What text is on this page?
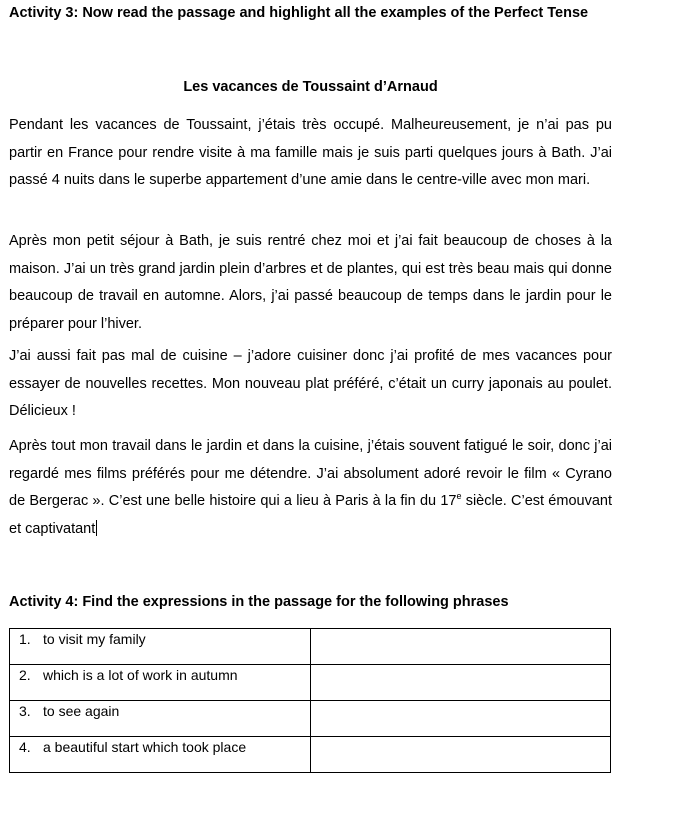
Activity 3: Now read the passage and highlight all the examples of the Perfect Tense

Les vacances de Toussaint d’Arnaud

Pendant les vacances de Toussaint, j’étais très occupé. Malheureusement, je n’ai pas pu partir en France pour rendre visite à ma famille mais je suis parti quelques jours à Bath. J’ai passé 4 nuits dans le superbe appartement d’une amie dans le centre-ville avec mon mari.

Après mon petit séjour à Bath, je suis rentré chez moi et j’ai fait beaucoup de choses à la maison. J’ai un très grand jardin plein d’arbres et de plantes, qui est très beau mais qui donne beaucoup de travail en automne. Alors, j’ai passé beaucoup de temps dans le jardin pour le préparer pour l’hiver.

J’ai aussi fait pas mal de cuisine – j’adore cuisiner donc j’ai profité de mes vacances pour essayer de nouvelles recettes. Mon nouveau plat préféré, c’était un curry japonais au poulet. Délicieux !

Après tout mon travail dans le jardin et dans la cuisine, j’étais souvent fatigué le soir, donc j’ai regardé mes films préférés pour me détendre. J’ai absolument adoré revoir le film « Cyrano de Bergerac ». C’est une belle histoire qui a lieu à Paris à la fin du 17e siècle. C’est émouvant et captivatant

Activity 4: Find the expressions in the passage for the following phrases

1. to visit my family	

2. which is a lot of work in autumn	

3. to see again	

4. a beautiful start which took place	
